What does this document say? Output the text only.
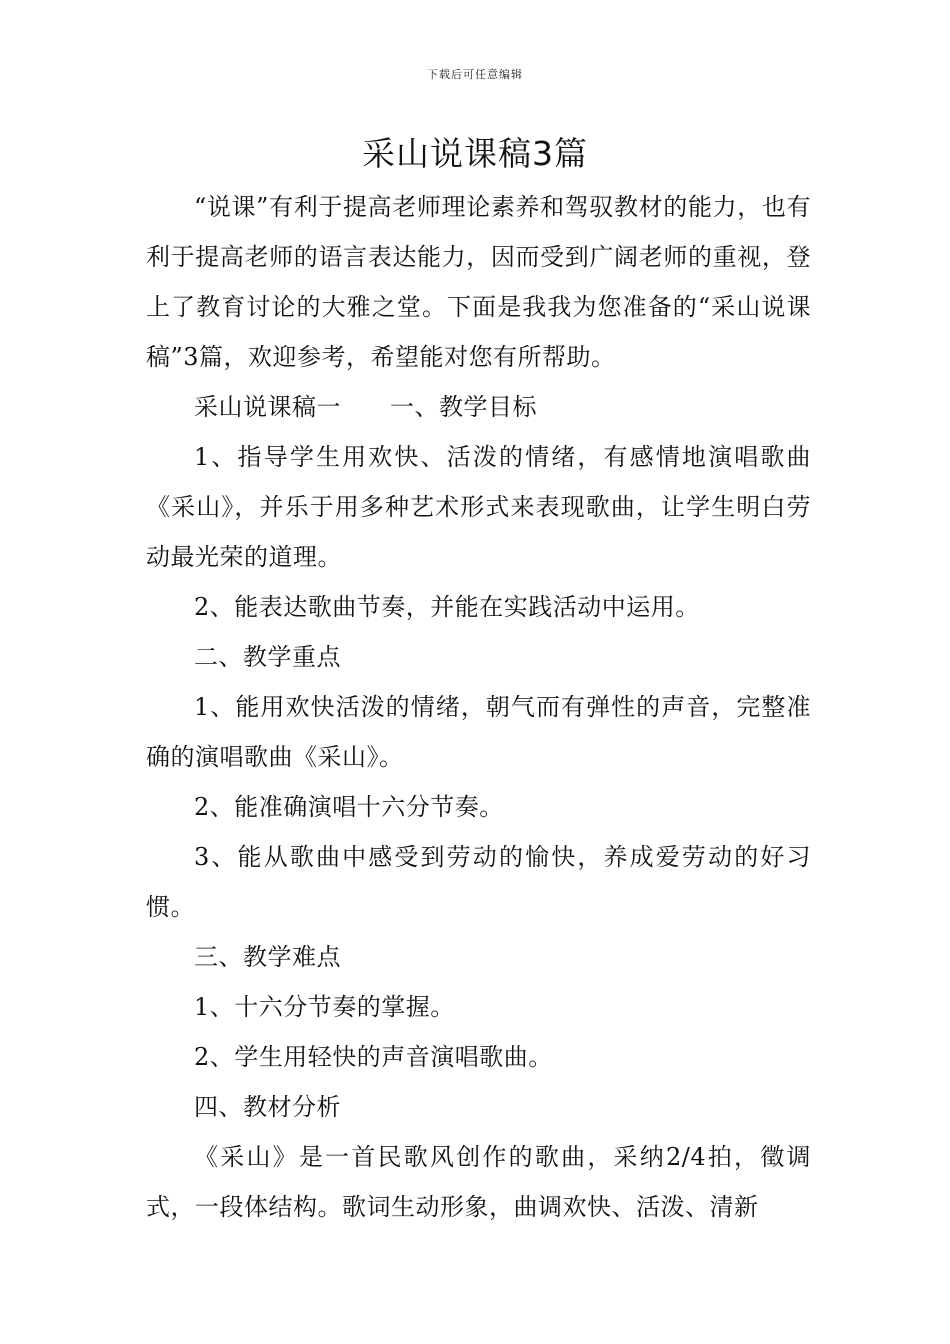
下载后可任意编辑
采山说课稿3篇

“说课”有利于提高老师理论素养和驾驭教材的能力，也有利于提高老师的语言表达能力，因而受到广阔老师的重视，登上了教育讨论的大雅之堂。下面是我我为您准备的“采山说课稿”3篇，欢迎参考，希望能对您有所帮助。

采山说课稿一　　一、教学目标

1、指导学生用欢快、活泼的情绪，有感情地演唱歌曲《采山》，并乐于用多种艺术形式来表现歌曲，让学生明白劳动最光荣的道理。

2、能表达歌曲节奏，并能在实践活动中运用。

二、教学重点

1、能用欢快活泼的情绪，朝气而有弹性的声音，完整准确的演唱歌曲《采山》。

2、能准确演唱十六分节奏。

3、能从歌曲中感受到劳动的愉快，养成爱劳动的好习惯。

三、教学难点

1、十六分节奏的掌握。

2、学生用轻快的声音演唱歌曲。

四、教材分析

《采山》是一首民歌风创作的歌曲，采纳2/4拍，徵调式，一段体结构。歌词生动形象，曲调欢快、活泼、清新
